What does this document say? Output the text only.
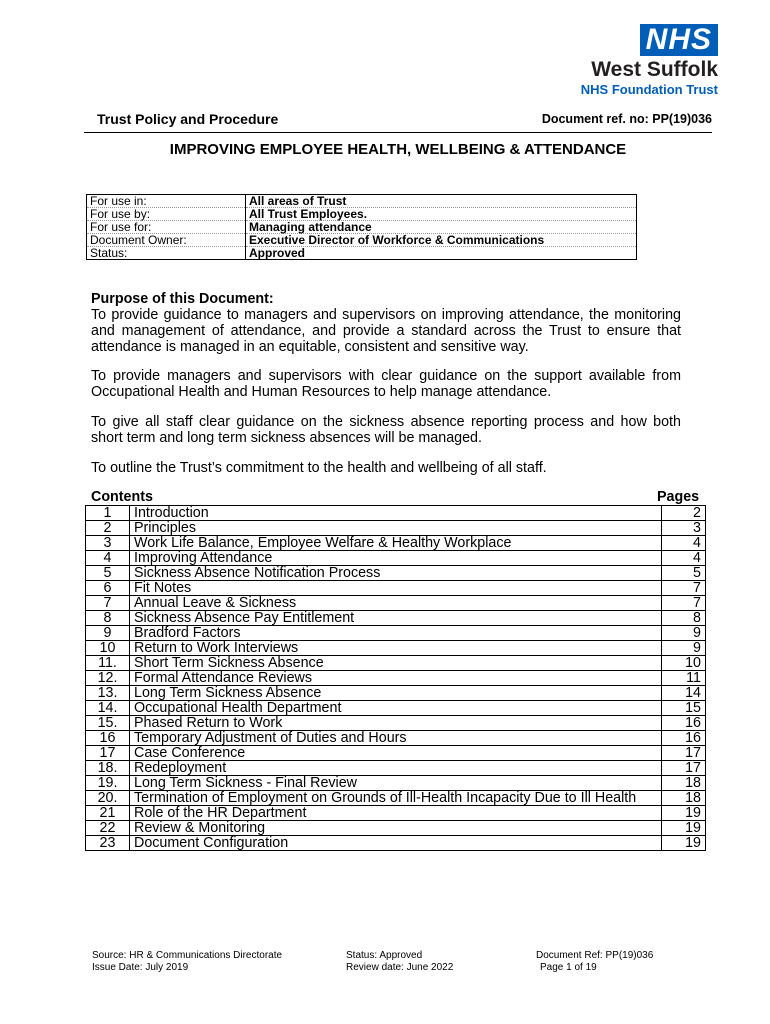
NHS
West Suffolk
NHS Foundation Trust
Trust Policy and Procedure	Document ref. no: PP(19)036
IMPROVING EMPLOYEE HEALTH, WELLBEING & ATTENDANCE
For use in:	All areas of Trust
For use by:	All Trust Employees.
For use for:	Managing attendance
Document Owner:	Executive Director of Workforce & Communications
Status:	Approved
Purpose of this Document:
To provide guidance to managers and supervisors on improving attendance, the monitoring and management of attendance, and provide a standard across the Trust to ensure that attendance is managed in an equitable, consistent and sensitive way.
To provide managers and supervisors with clear guidance on the support available from Occupational Health and Human Resources to help manage attendance.
To give all staff clear guidance on the sickness absence reporting process and how both short term and long term sickness absences will be managed.
To outline the Trust’s commitment to the health and wellbeing of all staff.
Contents	Pages
1	Introduction	2
2	Principles	3
3	Work Life Balance, Employee Welfare & Healthy Workplace	4
4	Improving Attendance	4
5	Sickness Absence Notification Process	5
6	Fit Notes	7
7	Annual Leave & Sickness	7
8	Sickness Absence Pay Entitlement	8
9	Bradford Factors	9
10	Return to Work Interviews	9
11.	Short Term Sickness Absence	10
12.	Formal Attendance Reviews	11
13.	Long Term Sickness Absence	14
14.	Occupational Health Department	15
15.	Phased Return to Work	16
16	Temporary Adjustment of Duties and Hours	16
17	Case Conference	17
18.	Redeployment	17
19.	Long Term Sickness - Final Review	18
20.	Termination of Employment on Grounds of Ill-Health Incapacity Due to Ill Health	18
21	Role of the HR Department	19
22	Review & Monitoring	19
23	Document Configuration	19
Source: HR & Communications Directorate
Issue Date: July 2019
Status: Approved
Review date: June 2022
Document Ref: PP(19)036
Page 1 of 19
